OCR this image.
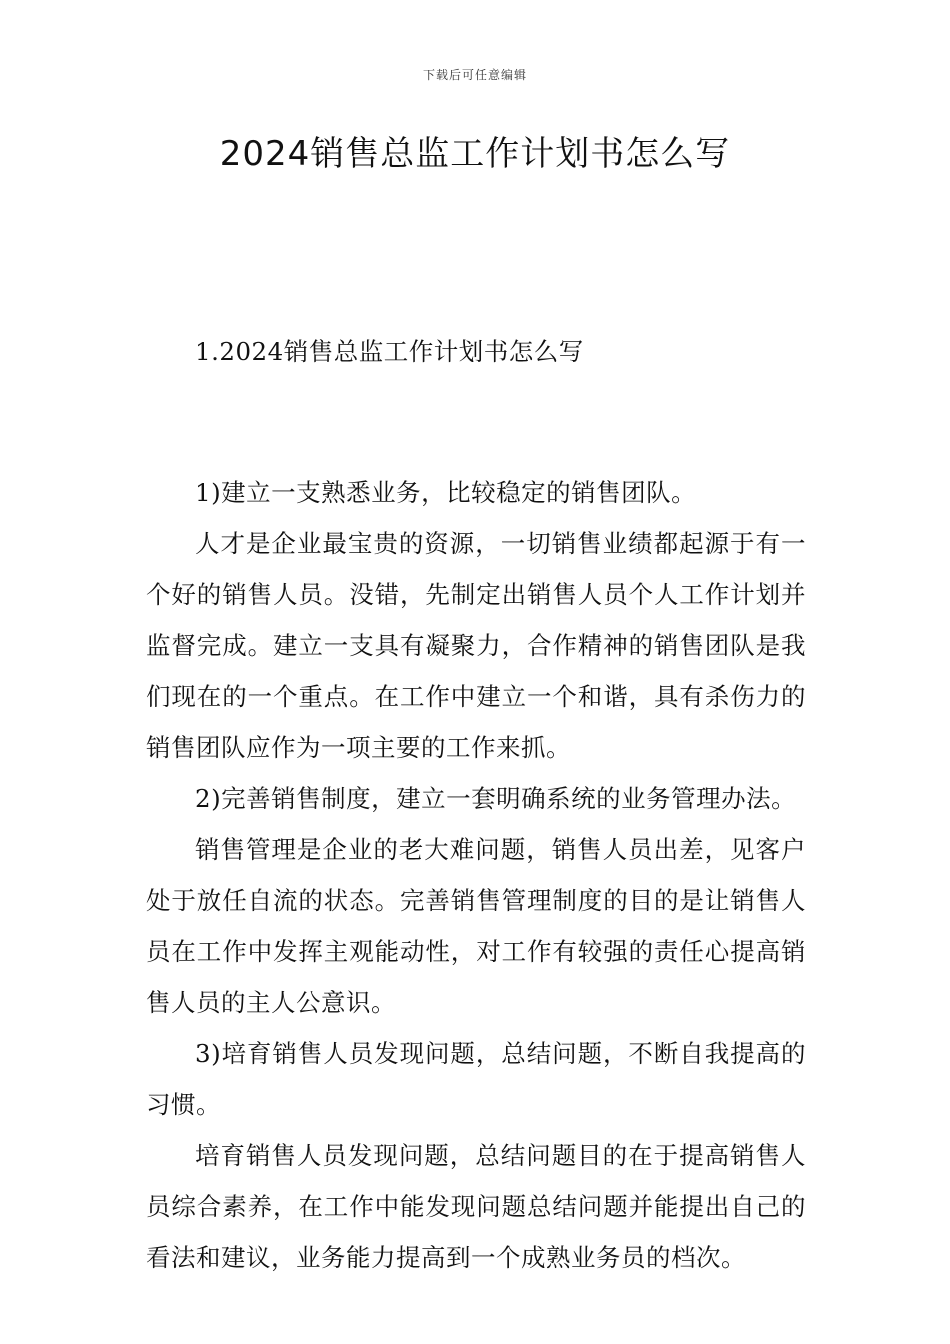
下载后可任意编辑
2024销售总监工作计划书怎么写

1.2024销售总监工作计划书怎么写

1)建立一支熟悉业务，比较稳定的销售团队。

人才是企业最宝贵的资源，一切销售业绩都起源于有一个好的销售人员。没错，先制定出销售人员个人工作计划并监督完成。建立一支具有凝聚力，合作精神的销售团队是我们现在的一个重点。在工作中建立一个和谐，具有杀伤力的销售团队应作为一项主要的工作来抓。

2)完善销售制度，建立一套明确系统的业务管理办法。

销售管理是企业的老大难问题，销售人员出差，见客户处于放任自流的状态。完善销售管理制度的目的是让销售人员在工作中发挥主观能动性，对工作有较强的责任心提高销售人员的主人公意识。

3)培育销售人员发现问题，总结问题，不断自我提高的习惯。

培育销售人员发现问题，总结问题目的在于提高销售人员综合素养，在工作中能发现问题总结问题并能提出自己的看法和建议，业务能力提高到一个成熟业务员的档次。
